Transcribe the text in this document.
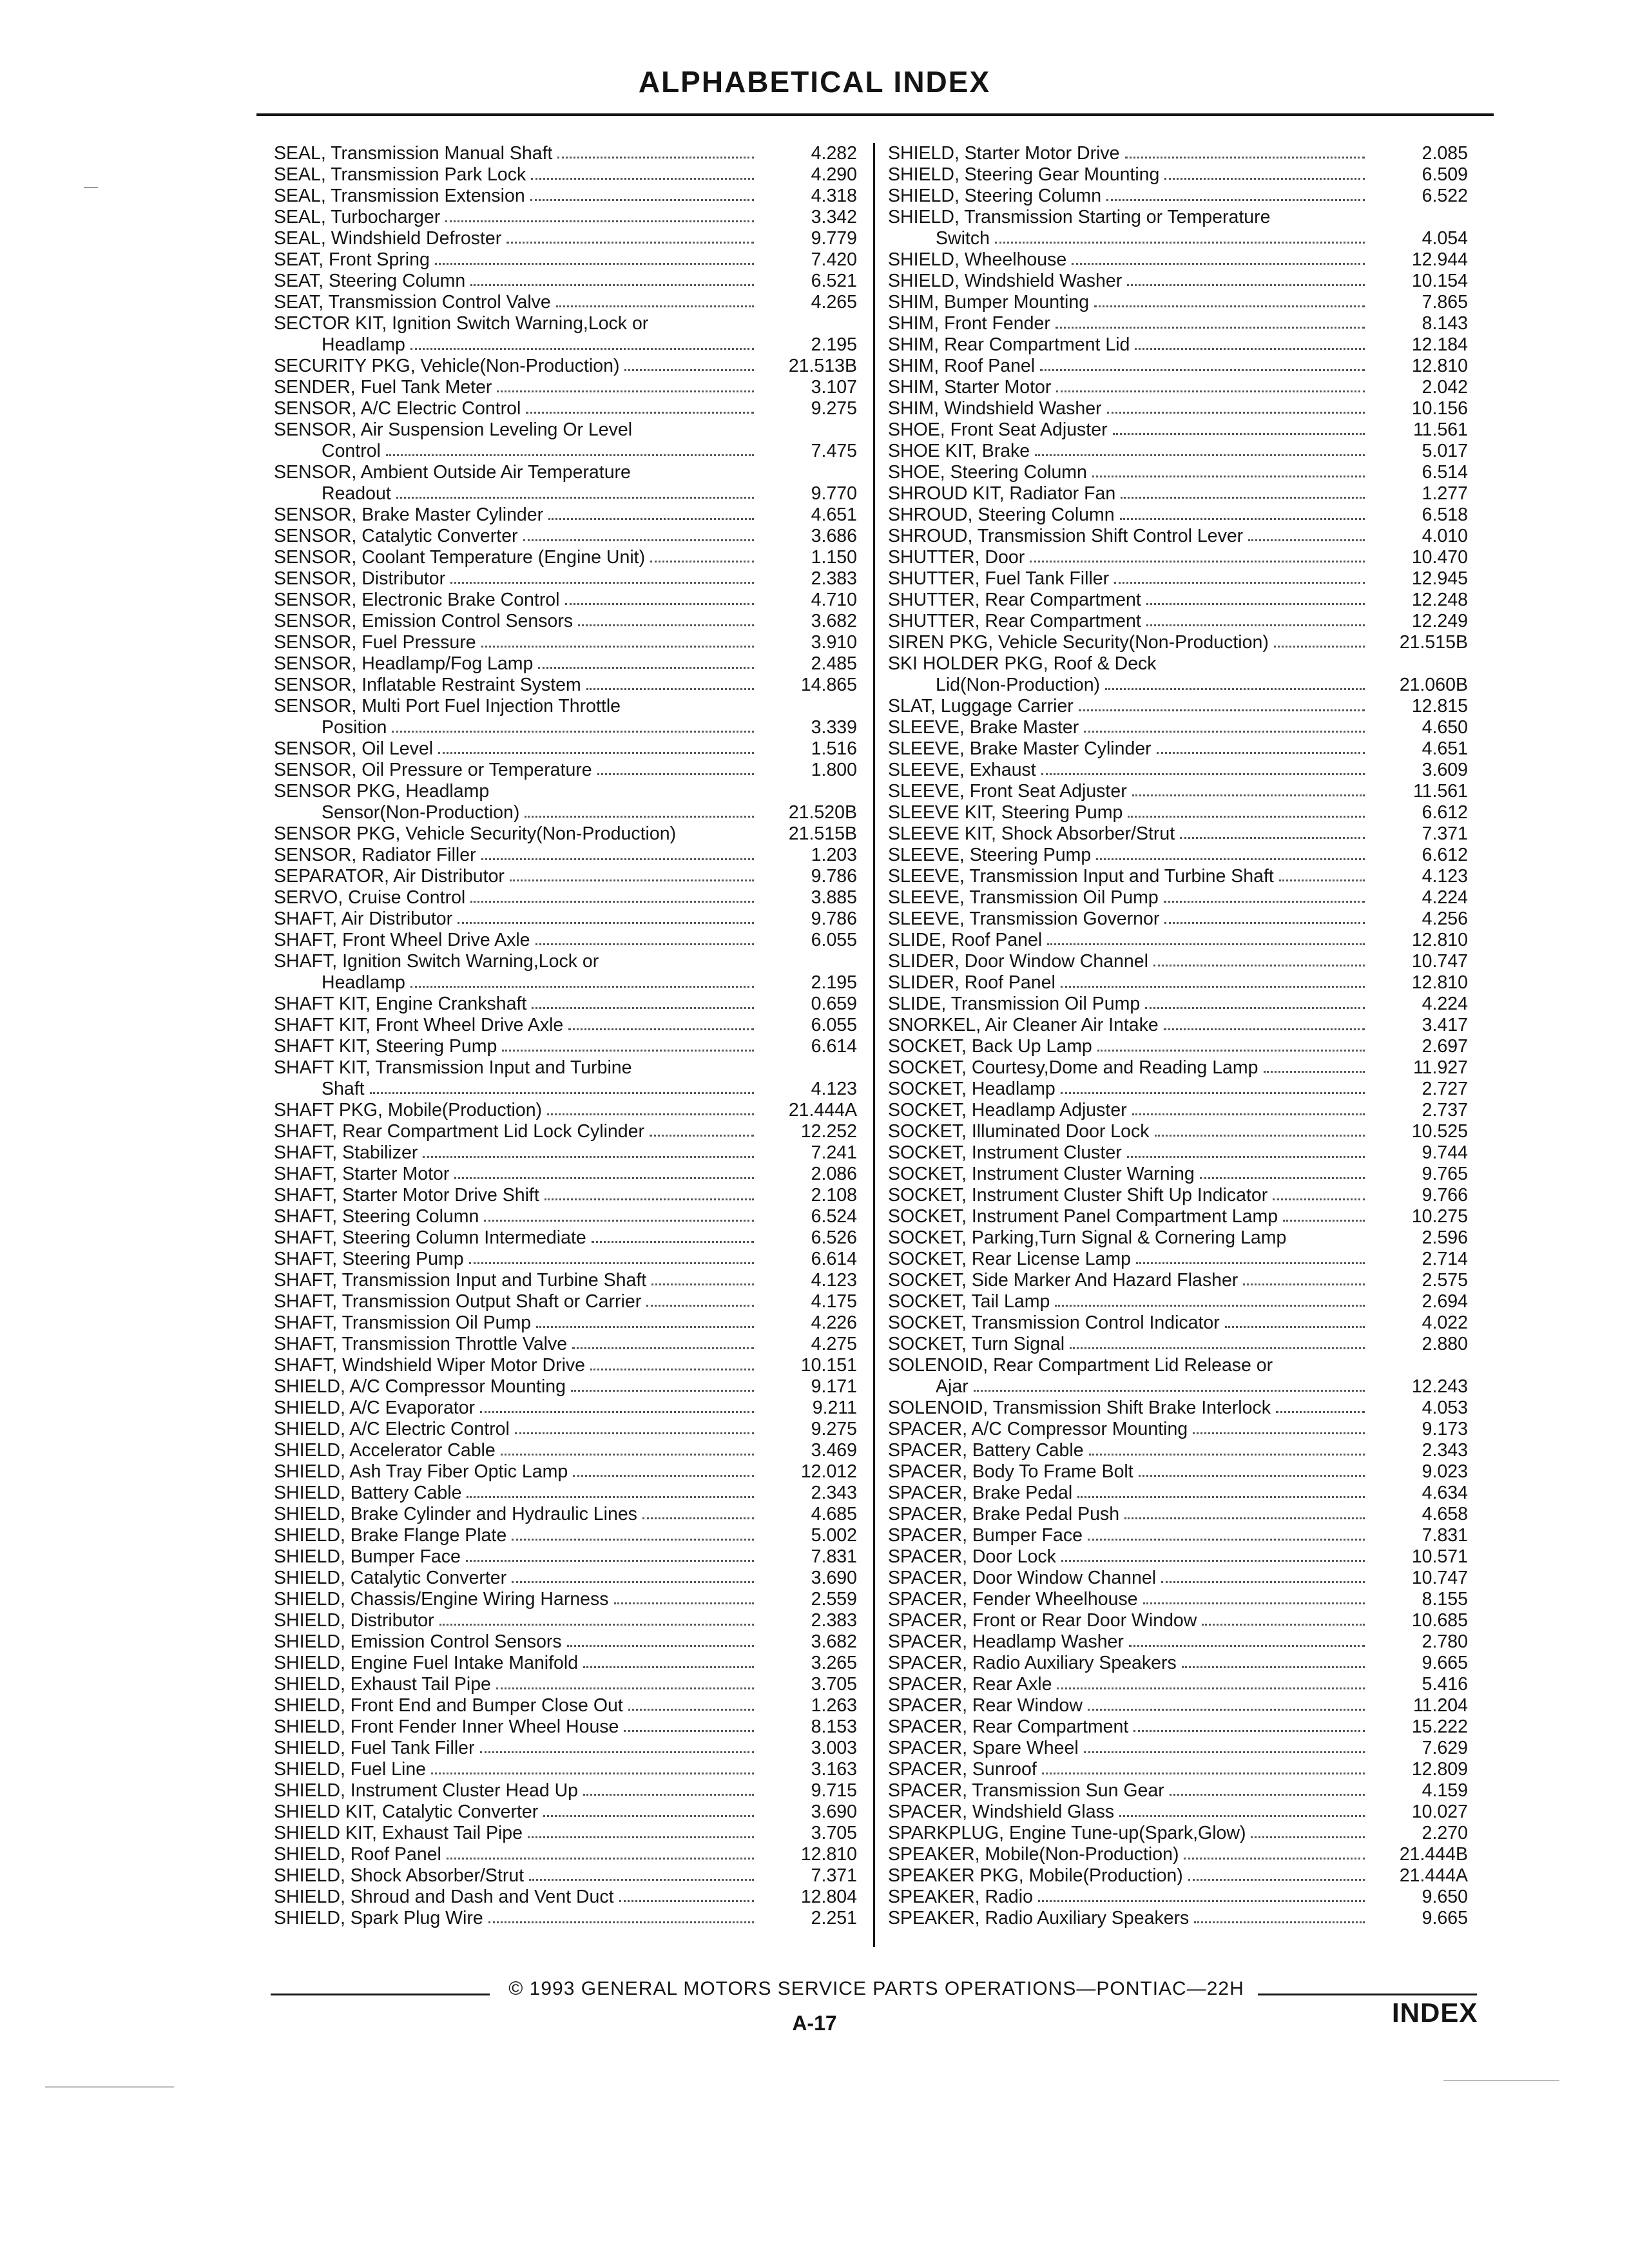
ALPHABETICAL INDEX
SEAL, Transmission Manual Shaft	4.282
SEAL, Transmission Park Lock	4.290
SEAL, Transmission Extension	4.318
SEAL, Turbocharger	3.342
SEAL, Windshield Defroster	9.779
SEAT, Front Spring	7.420
SEAT, Steering Column	6.521
SEAT, Transmission Control Valve	4.265
SECTOR KIT, Ignition Switch Warning,Lock or
Headlamp	2.195
SECURITY PKG, Vehicle(Non-Production)	21.513B
SENDER, Fuel Tank Meter	3.107
SENSOR, A/C Electric Control	9.275
SENSOR, Air Suspension Leveling Or Level
Control	7.475
SENSOR, Ambient Outside Air Temperature
Readout	9.770
SENSOR, Brake Master Cylinder	4.651
SENSOR, Catalytic Converter	3.686
SENSOR, Coolant Temperature (Engine Unit)	1.150
SENSOR, Distributor	2.383
SENSOR, Electronic Brake Control	4.710
SENSOR, Emission Control Sensors	3.682
SENSOR, Fuel Pressure	3.910
SENSOR, Headlamp/Fog Lamp	2.485
SENSOR, Inflatable Restraint System	14.865
SENSOR, Multi Port Fuel Injection Throttle
Position	3.339
SENSOR, Oil Level	1.516
SENSOR, Oil Pressure or Temperature	1.800
SENSOR PKG, Headlamp
Sensor(Non-Production)	21.520B
SENSOR PKG, Vehicle Security(Non-Production)	21.515B
SENSOR, Radiator Filler	1.203
SEPARATOR, Air Distributor	9.786
SERVO, Cruise Control	3.885
SHAFT, Air Distributor	9.786
SHAFT, Front Wheel Drive Axle	6.055
SHAFT, Ignition Switch Warning,Lock or
Headlamp	2.195
SHAFT KIT, Engine Crankshaft	0.659
SHAFT KIT, Front Wheel Drive Axle	6.055
SHAFT KIT, Steering Pump	6.614
SHAFT KIT, Transmission Input and Turbine
Shaft	4.123
SHAFT PKG, Mobile(Production)	21.444A
SHAFT, Rear Compartment Lid Lock Cylinder	12.252
SHAFT, Stabilizer	7.241
SHAFT, Starter Motor	2.086
SHAFT, Starter Motor Drive Shift	2.108
SHAFT, Steering Column	6.524
SHAFT, Steering Column Intermediate	6.526
SHAFT, Steering Pump	6.614
SHAFT, Transmission Input and Turbine Shaft	4.123
SHAFT, Transmission Output Shaft or Carrier	4.175
SHAFT, Transmission Oil Pump	4.226
SHAFT, Transmission Throttle Valve	4.275
SHAFT, Windshield Wiper Motor Drive	10.151
SHIELD, A/C Compressor Mounting	9.171
SHIELD, A/C Evaporator	9.211
SHIELD, A/C Electric Control	9.275
SHIELD, Accelerator Cable	3.469
SHIELD, Ash Tray Fiber Optic Lamp	12.012
SHIELD, Battery Cable	2.343
SHIELD, Brake Cylinder and Hydraulic Lines	4.685
SHIELD, Brake Flange Plate	5.002
SHIELD, Bumper Face	7.831
SHIELD, Catalytic Converter	3.690
SHIELD, Chassis/Engine Wiring Harness	2.559
SHIELD, Distributor	2.383
SHIELD, Emission Control Sensors	3.682
SHIELD, Engine Fuel Intake Manifold	3.265
SHIELD, Exhaust Tail Pipe	3.705
SHIELD, Front End and Bumper Close Out	1.263
SHIELD, Front Fender Inner Wheel House	8.153
SHIELD, Fuel Tank Filler	3.003
SHIELD, Fuel Line	3.163
SHIELD, Instrument Cluster Head Up	9.715
SHIELD KIT, Catalytic Converter	3.690
SHIELD KIT, Exhaust Tail Pipe	3.705
SHIELD, Roof Panel	12.810
SHIELD, Shock Absorber/Strut	7.371
SHIELD, Shroud and Dash and Vent Duct	12.804
SHIELD, Spark Plug Wire	2.251
SHIELD, Starter Motor Drive	2.085
SHIELD, Steering Gear Mounting	6.509
SHIELD, Steering Column	6.522
SHIELD, Transmission Starting or Temperature
Switch	4.054
SHIELD, Wheelhouse	12.944
SHIELD, Windshield Washer	10.154
SHIM, Bumper Mounting	7.865
SHIM, Front Fender	8.143
SHIM, Rear Compartment Lid	12.184
SHIM, Roof Panel	12.810
SHIM, Starter Motor	2.042
SHIM, Windshield Washer	10.156
SHOE, Front Seat Adjuster	11.561
SHOE KIT, Brake	5.017
SHOE, Steering Column	6.514
SHROUD KIT, Radiator Fan	1.277
SHROUD, Steering Column	6.518
SHROUD, Transmission Shift Control Lever	4.010
SHUTTER, Door	10.470
SHUTTER, Fuel Tank Filler	12.945
SHUTTER, Rear Compartment	12.248
SHUTTER, Rear Compartment	12.249
SIREN PKG, Vehicle Security(Non-Production)	21.515B
SKI HOLDER PKG, Roof & Deck
Lid(Non-Production)	21.060B
SLAT, Luggage Carrier	12.815
SLEEVE, Brake Master	4.650
SLEEVE, Brake Master Cylinder	4.651
SLEEVE, Exhaust	3.609
SLEEVE, Front Seat Adjuster	11.561
SLEEVE KIT, Steering Pump	6.612
SLEEVE KIT, Shock Absorber/Strut	7.371
SLEEVE, Steering Pump	6.612
SLEEVE, Transmission Input and Turbine Shaft	4.123
SLEEVE, Transmission Oil Pump	4.224
SLEEVE, Transmission Governor	4.256
SLIDE, Roof Panel	12.810
SLIDER, Door Window Channel	10.747
SLIDER, Roof Panel	12.810
SLIDE, Transmission Oil Pump	4.224
SNORKEL, Air Cleaner Air Intake	3.417
SOCKET, Back Up Lamp	2.697
SOCKET, Courtesy,Dome and Reading Lamp	11.927
SOCKET, Headlamp	2.727
SOCKET, Headlamp Adjuster	2.737
SOCKET, Illuminated Door Lock	10.525
SOCKET, Instrument Cluster	9.744
SOCKET, Instrument Cluster Warning	9.765
SOCKET, Instrument Cluster Shift Up Indicator	9.766
SOCKET, Instrument Panel Compartment Lamp	10.275
SOCKET, Parking,Turn Signal & Cornering Lamp	2.596
SOCKET, Rear License Lamp	2.714
SOCKET, Side Marker And Hazard Flasher	2.575
SOCKET, Tail Lamp	2.694
SOCKET, Transmission Control Indicator	4.022
SOCKET, Turn Signal	2.880
SOLENOID, Rear Compartment Lid Release or
Ajar	12.243
SOLENOID, Transmission Shift Brake Interlock	4.053
SPACER, A/C Compressor Mounting	9.173
SPACER, Battery Cable	2.343
SPACER, Body To Frame Bolt	9.023
SPACER, Brake Pedal	4.634
SPACER, Brake Pedal Push	4.658
SPACER, Bumper Face	7.831
SPACER, Door Lock	10.571
SPACER, Door Window Channel	10.747
SPACER, Fender Wheelhouse	8.155
SPACER, Front or Rear Door Window	10.685
SPACER, Headlamp Washer	2.780
SPACER, Radio Auxiliary Speakers	9.665
SPACER, Rear Axle	5.416
SPACER, Rear Window	11.204
SPACER, Rear Compartment	15.222
SPACER, Spare Wheel	7.629
SPACER, Sunroof	12.809
SPACER, Transmission Sun Gear	4.159
SPACER, Windshield Glass	10.027
SPARKPLUG, Engine Tune-up(Spark,Glow)	2.270
SPEAKER, Mobile(Non-Production)	21.444B
SPEAKER PKG, Mobile(Production)	21.444A
SPEAKER, Radio	9.650
SPEAKER, Radio Auxiliary Speakers	9.665
© 1993 GENERAL MOTORS SERVICE PARTS OPERATIONS—PONTIAC—22H
A-17	INDEX
